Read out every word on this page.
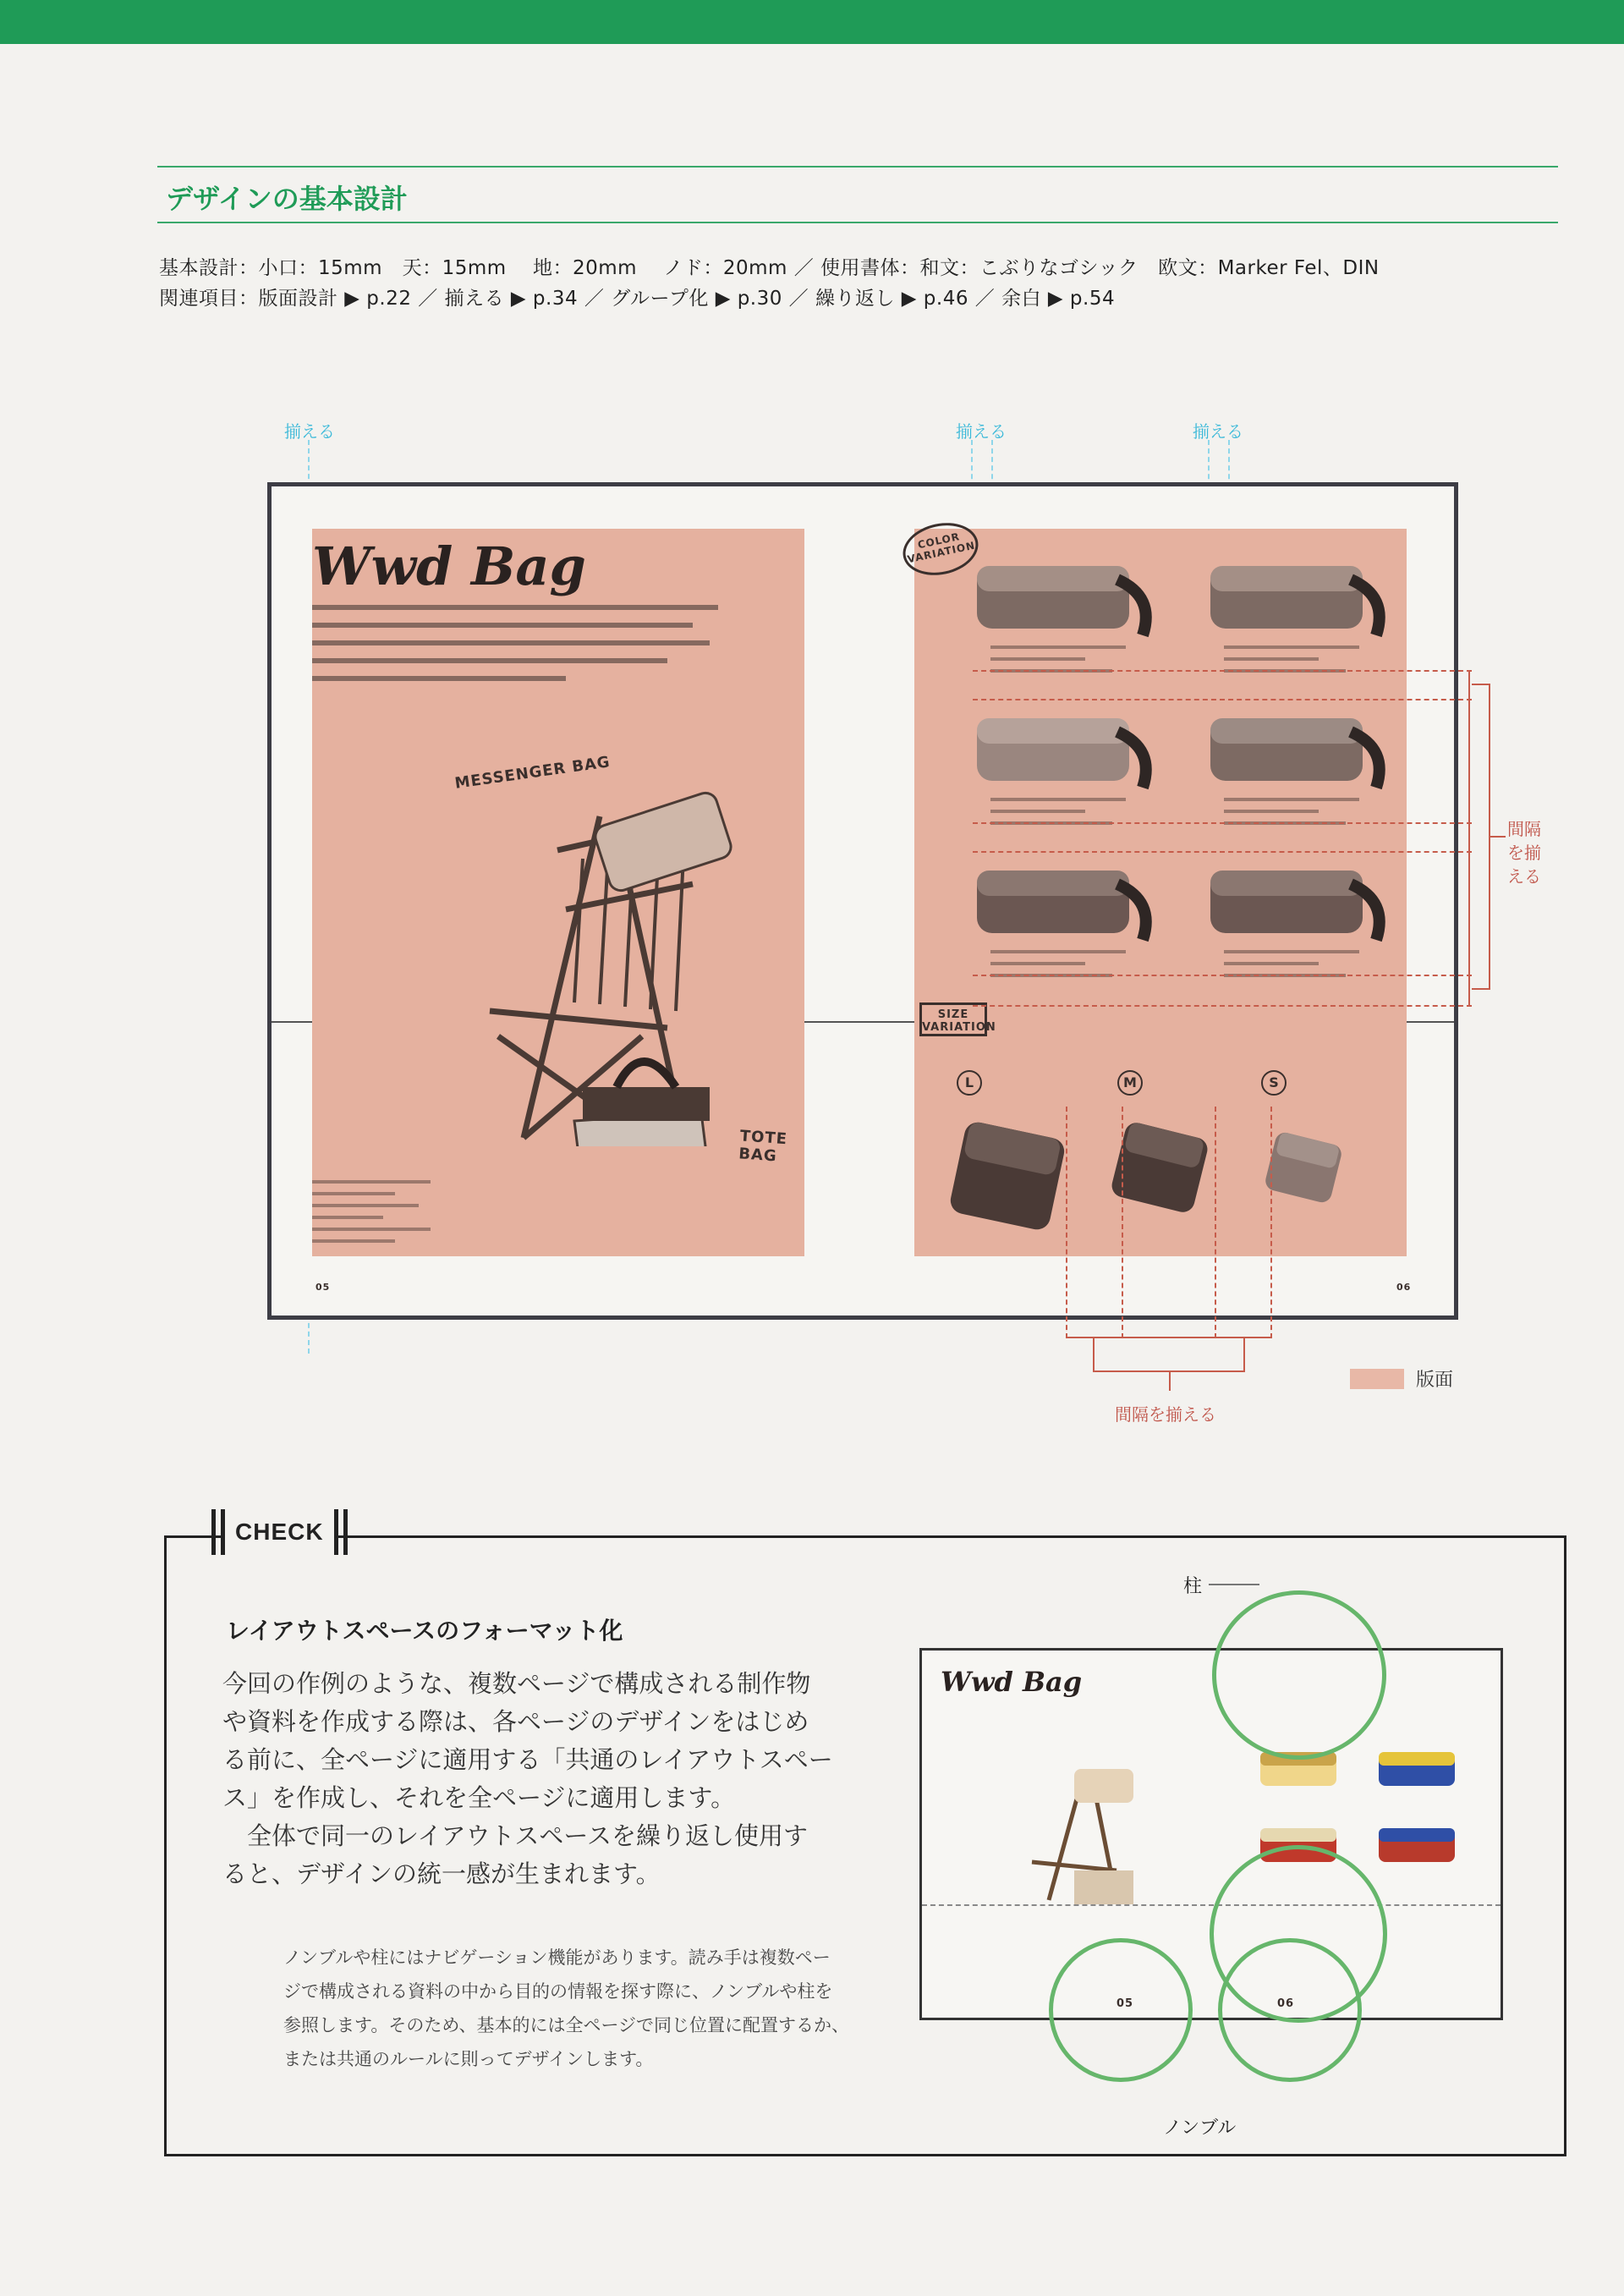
デザインの基本設計
基本設計：小口：15mm　天：15mm　 地：20mm　 ノド：20mm ／ 使用書体：和文：こぶりなゴシック　欧文：Marker Fel、DIN
関連項目：版面設計 ▶ p.22 ／ 揃える ▶ p.34 ／ グループ化 ▶ p.30 ／ 繰り返し ▶ p.46 ／ 余白 ▶ p.54
揃える	揃える	揃える
Wwd Bag
MESSENGER BAG
TOTE BAG
COLOR VARIATION
SIZE VARIATION
L	M	S
05	06
間隔を揃える
間隔を揃える
版面
CHECK
レイアウトスペースのフォーマット化

今回の作例のような、複数ページで構成される制作物

や資料を作成する際は、各ページのデザインをはじめ

る前に、全ページに適用する「共通のレイアウトスペー

ス」を作成し、それを全ページに適用します。

　全体で同一のレイアウトスペースを繰り返し使用す

ると、デザインの統一感が生まれます。

ノンブルや柱にはナビゲーション機能があります。読み手は複数ペー
ジで構成される資料の中から目的の情報を探す際に、ノンブルや柱を
参照します。そのため、基本的には全ページで同じ位置に配置するか、
または共通のルールに則ってデザインします。
柱
Wwd Bag
05	06
ノンブル
